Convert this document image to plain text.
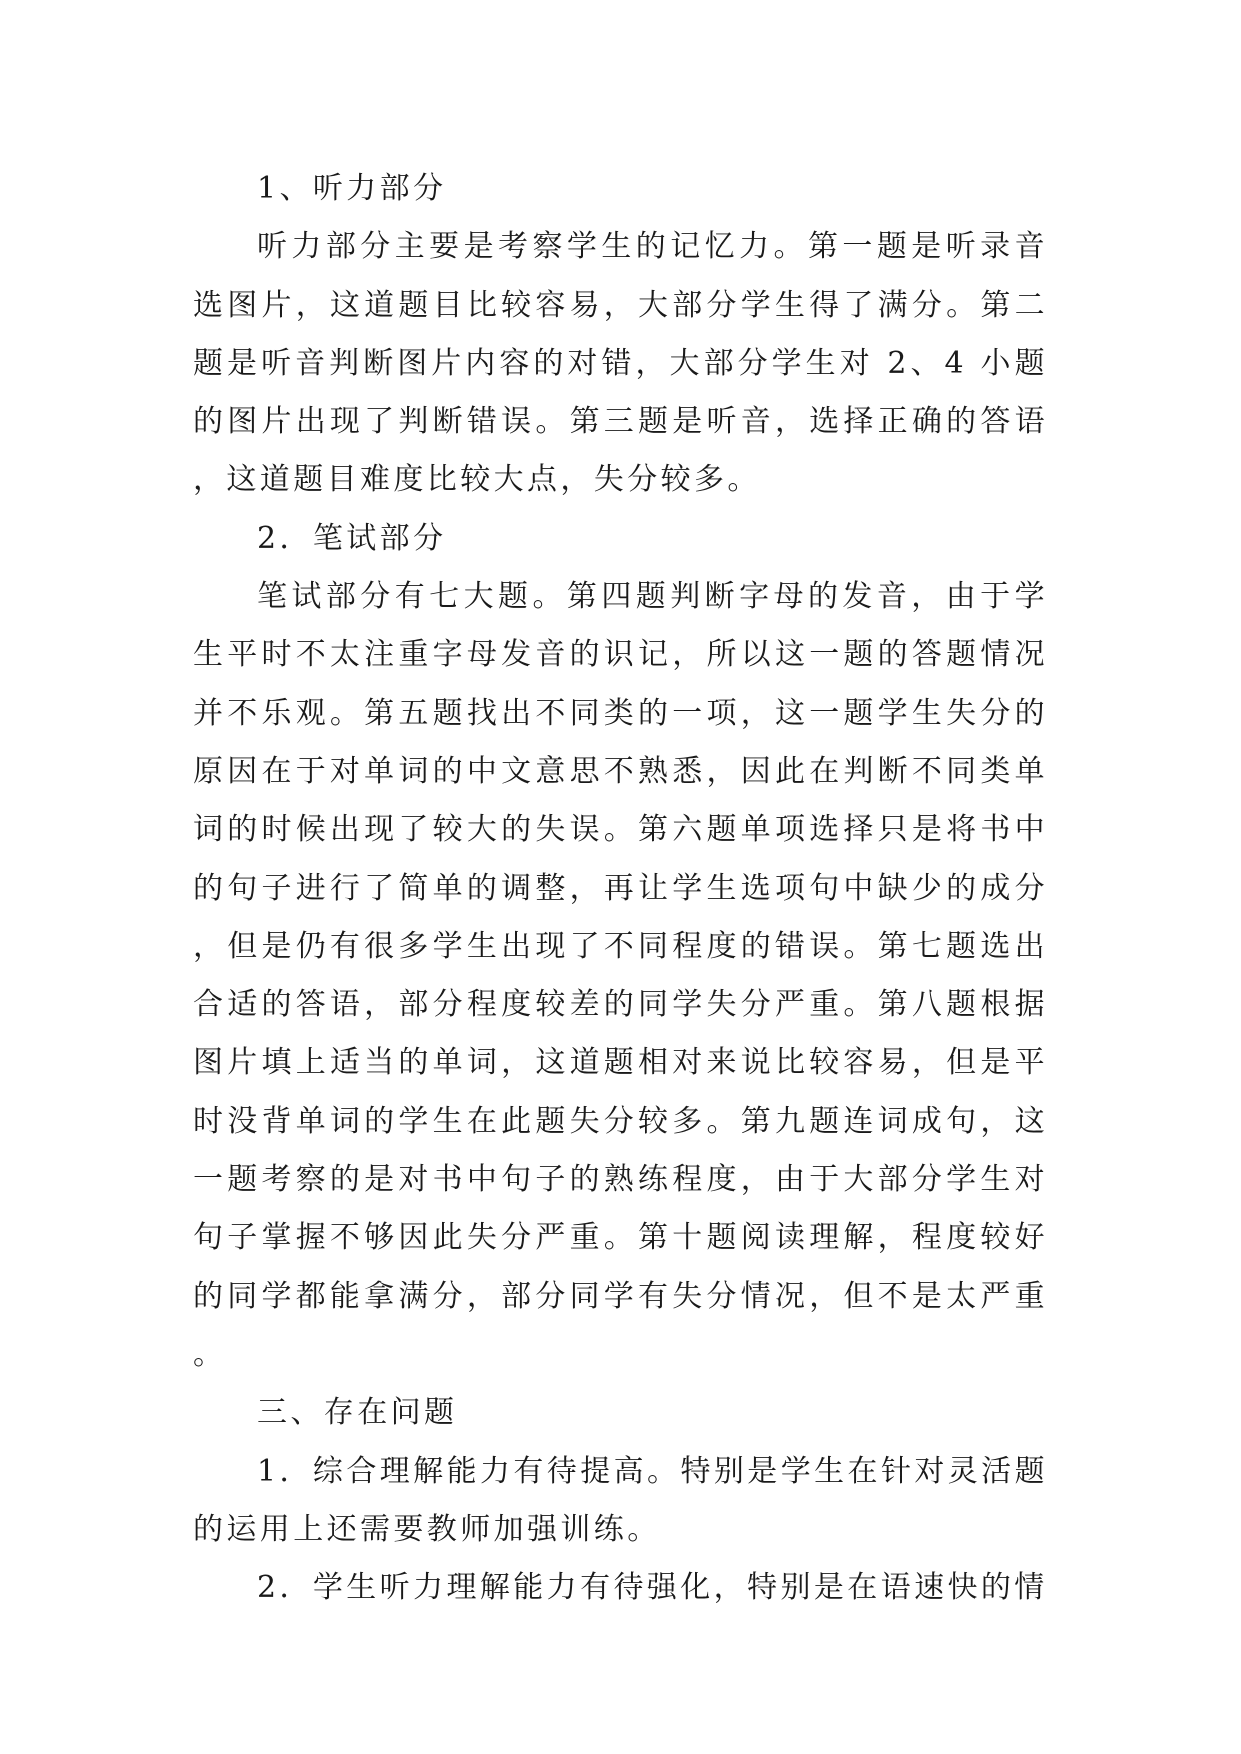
1、听力部分

听力部分主要是考察学生的记忆力。第一题是听录音选图片，这道题目比较容易，大部分学生得了满分。第二题是听音判断图片内容的对错，大部分学生对 2、4 小题的图片出现了判断错误。第三题是听音，选择正确的答语，这道题目难度比较大点，失分较多。

2．笔试部分

笔试部分有七大题。第四题判断字母的发音，由于学生平时不太注重字母发音的识记，所以这一题的答题情况并不乐观。第五题找出不同类的一项，这一题学生失分的原因在于对单词的中文意思不熟悉，因此在判断不同类单词的时候出现了较大的失误。第六题单项选择只是将书中的句子进行了简单的调整，再让学生选项句中缺少的成分，但是仍有很多学生出现了不同程度的错误。第七题选出合适的答语，部分程度较差的同学失分严重。第八题根据图片填上适当的单词，这道题相对来说比较容易，但是平时没背单词的学生在此题失分较多。第九题连词成句，这一题考察的是对书中句子的熟练程度，由于大部分学生对句子掌握不够因此失分严重。第十题阅读理解，程度较好的同学都能拿满分，部分同学有失分情况，但不是太严重。

三、存在问题

1．综合理解能力有待提高。特别是学生在针对灵活题的运用上还需要教师加强训练。

2．学生听力理解能力有待强化，特别是在语速快的情
